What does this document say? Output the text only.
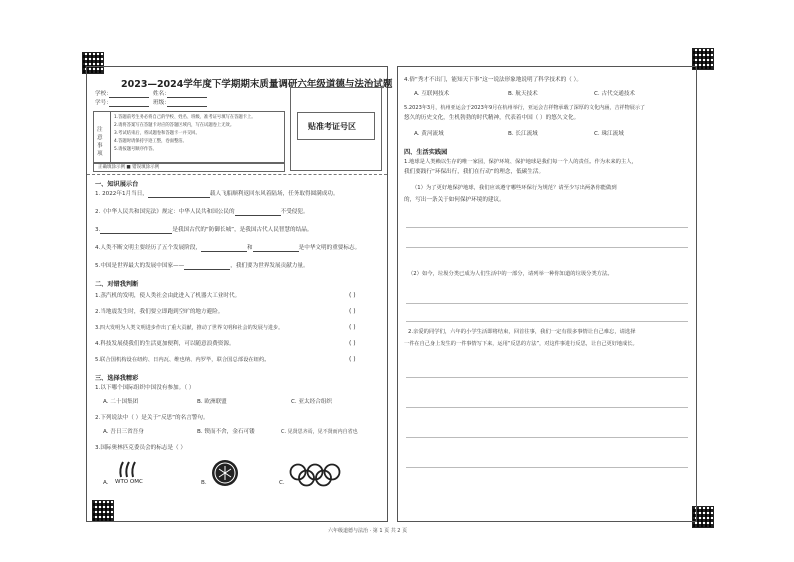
2023—2024学年度下学期期末质量调研六年级道德与法治试题
学校：	姓名：
学号：	班级：
注意事项
1.答题前考生务必将自己的学校、姓名、班级、准考证号填写在答题卡上。
2.请将答案写在答题卡对应的答题区域内，写在试题卷上无效。
3.考试结束后，将试题卷和答题卡一并交回。
4.答题时请保持字迹工整，卷面整洁。
5.请按题号顺序作答。
正确填涂示例 ■ 错误填涂示例
贴准考证号区
一、知识展示台
1. 2022年1月当日，	载人飞船顺利返回东风着陆场，任务取得圆满成功。
2.《中华人民共和国宪法》规定：中华人民共和国公民的	不受侵犯。
3.	是我国古代的“防御长城”，是我国古代人民智慧的结晶。
4.人类不断文明主要经历了五个发展阶段，	和	是中华文明的重要标志。
5.中国是世界最大的发展中国家——	，我们要为世界发展贡献力量。
二、对错我判断
1.蒸汽机的发明，使人类社会由此进入了机器大工业时代。	( )
2.当地震发生时，我们要立即跑到空旷的地方避险。	( )
3.四大发明为人类文明进步作出了重大贡献，推动了世界文明和社会的发展与进步。	( )
4.科技发展使我们的生活更加便利，可以随意浪费资源。	( )
5.联合国机构设在纽约、日内瓦、维也纳、内罗毕，联合国总部设在纽约。	( )
三、选择我精彩
1.以下哪个国际组织中国没有参加。（ ）
A. 二十国集团	B. 欧洲联盟	C. 亚太经合组织
2.下列说法中（ ）是关于“反思”的名言警句。
A. 吾日三省吾身	B. 锲而不舍，金石可镂	C. 见贤思齐焉，见不贤而内自省也
3.国际奥林匹克委员会的标志是（ ）
A. WTO OMC	B.	C.
4.俗“秀才不出门，能知天下事”这一说法形象地说明了科学技术的（ ）。
A. 互联网技术	B. 航天技术	C. 古代交通技术
5.2023年3月，杭州亚运会于2023年9月在杭州举行，亚运会吉祥物承载了深厚的文化内涵，吉祥物展示了
悠久的历史文化，生机勃勃的时代精神，代表着中国（ ）的悠久文化。
A. 黄河流域	B. 长江流域	C. 珠江流域
四、生活实践园
1.地球是人类赖以生存的唯一家园，保护环境、保护地球是我们每一个人的责任。作为未来的主人，
我们要践行“环保出行，我们在行动”的理念，低碳生活。
（1）为了更好地保护地球，我们应该遵守哪些环保行为规范？请至少写出两条你能做到
的，写出一条关于如何保护环境的建议。
（2）如今，垃圾分类已成为人们生活中的一部分，请列举一种你知道的垃圾分类方法。
2.亲爱的同学们，六年的小学生活即将结束，回首往事，我们一定有很多事情让自己难忘，请选择
一件在自己身上发生的一件事情写下来，运用“反思的方法”，对这件事进行反思，让自己更好地成长。
六年级道德与法治 · 第 1 页 共 2 页
